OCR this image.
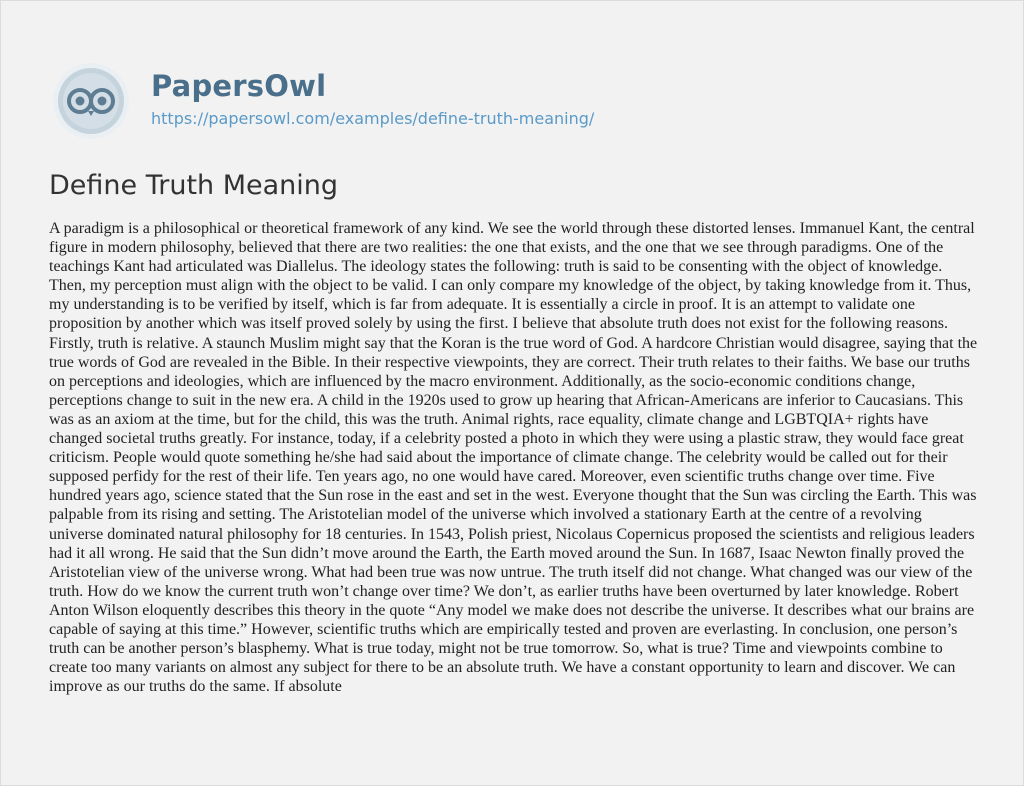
PapersOwl
https://papersowl.com/examples/define-truth-meaning/
Define Truth Meaning

A paradigm is a philosophical or theoretical framework of any kind. We see the world through these distorted lenses. Immanuel Kant, the central figure in modern philosophy, believed that there are two realities: the one that exists, and the one that we see through paradigms. One of the teachings Kant had articulated was Diallelus. The ideology states the following: truth is said to be consenting with the object of knowledge. Then, my perception must align with the object to be valid. I can only compare my knowledge of the object, by taking knowledge from it. Thus, my understanding is to be verified by itself, which is far from adequate. It is essentially a circle in proof. It is an attempt to validate one proposition by another which was itself proved solely by using the first. I believe that absolute truth does not exist for the following reasons. Firstly, truth is relative. A staunch Muslim might say that the Koran is the true word of God. A hardcore Christian would disagree, saying that the true words of God are revealed in the Bible. In their respective viewpoints, they are correct. Their truth relates to their faiths. We base our truths on perceptions and ideologies, which are influenced by the macro environment. Additionally, as the socio-economic conditions change, perceptions change to suit in the new era. A child in the 1920s used to grow up hearing that African-Americans are inferior to Caucasians. This was as an axiom at the time, but for the child, this was the truth. Animal rights, race equality, climate change and LGBTQIA+ rights have changed societal truths greatly. For instance, today, if a celebrity posted a photo in which they were using a plastic straw, they would face great criticism. People would quote something he/she had said about the importance of climate change. The celebrity would be called out for their supposed perfidy for the rest of their life. Ten years ago, no one would have cared. Moreover, even scientific truths change over time. Five hundred years ago, science stated that the Sun rose in the east and set in the west. Everyone thought that the Sun was circling the Earth. This was palpable from its rising and setting. The Aristotelian model of the universe which involved a stationary Earth at the centre of a revolving universe dominated natural philosophy for 18 centuries. In 1543, Polish priest, Nicolaus Copernicus proposed the scientists and religious leaders had it all wrong. He said that the Sun didn’t move around the Earth, the Earth moved around the Sun. In 1687, Isaac Newton finally proved the Aristotelian view of the universe wrong. What had been true was now untrue. The truth itself did not change. What changed was our view of the truth. How do we know the current truth won’t change over time? We don’t, as earlier truths have been overturned by later knowledge. Robert Anton Wilson eloquently describes this theory in the quote “Any model we make does not describe the universe. It describes what our brains are capable of saying at this time.” However, scientific truths which are empirically tested and proven are everlasting. In conclusion, one person’s truth can be another person’s blasphemy. What is true today, might not be true tomorrow. So, what is true? Time and viewpoints combine to create too many variants on almost any subject for there to be an absolute truth. We have a constant opportunity to learn and discover. We can improve as our truths do the same. If absolute
